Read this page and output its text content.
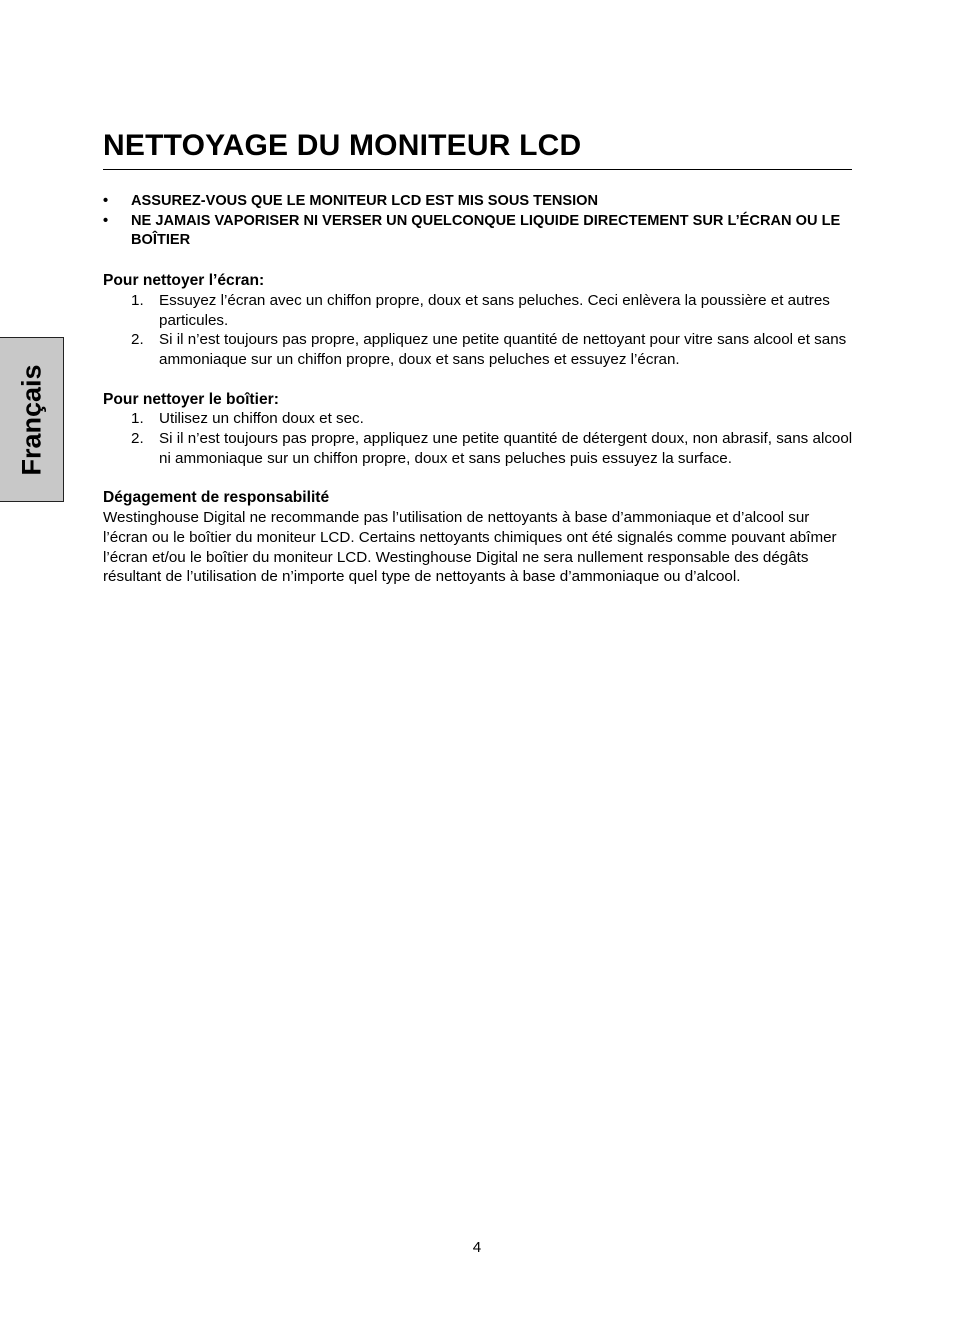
Français
NETTOYAGE DU MONITEUR LCD
• ASSUREZ-VOUS QUE LE MONITEUR LCD EST MIS SOUS TENSION
• NE JAMAIS VAPORISER NI VERSER UN QUELCONQUE LIQUIDE DIRECTEMENT SUR L’ÉCRAN OU LE BOÎTIER

Pour nettoyer l’écran:

1. Essuyez l’écran avec un chiffon propre, doux et sans peluches. Ceci enlèvera la poussière et autres particules.
2. Si il n’est toujours pas propre, appliquez une petite quantité de nettoyant pour vitre sans alcool et sans ammoniaque sur un chiffon propre, doux et sans peluches et essuyez l’écran.

Pour nettoyer le boîtier:

1. Utilisez un chiffon doux et sec.
2. Si il n’est toujours pas propre, appliquez une petite quantité de détergent doux, non abrasif, sans alcool ni ammoniaque sur un chiffon propre, doux et sans peluches puis essuyez la surface.

Dégagement de responsabilité

Westinghouse Digital ne recommande pas l’utilisation de nettoyants à base d’ammoniaque et d’alcool sur l’écran ou le boîtier du moniteur LCD. Certains nettoyants chimiques ont été signalés comme pouvant abîmer l’écran et/ou le boîtier du moniteur LCD. Westinghouse Digital ne sera nullement responsable des dégâts résultant de l’utilisation de n’importe quel type de nettoyants à base d’ammoniaque ou d’alcool.

4
